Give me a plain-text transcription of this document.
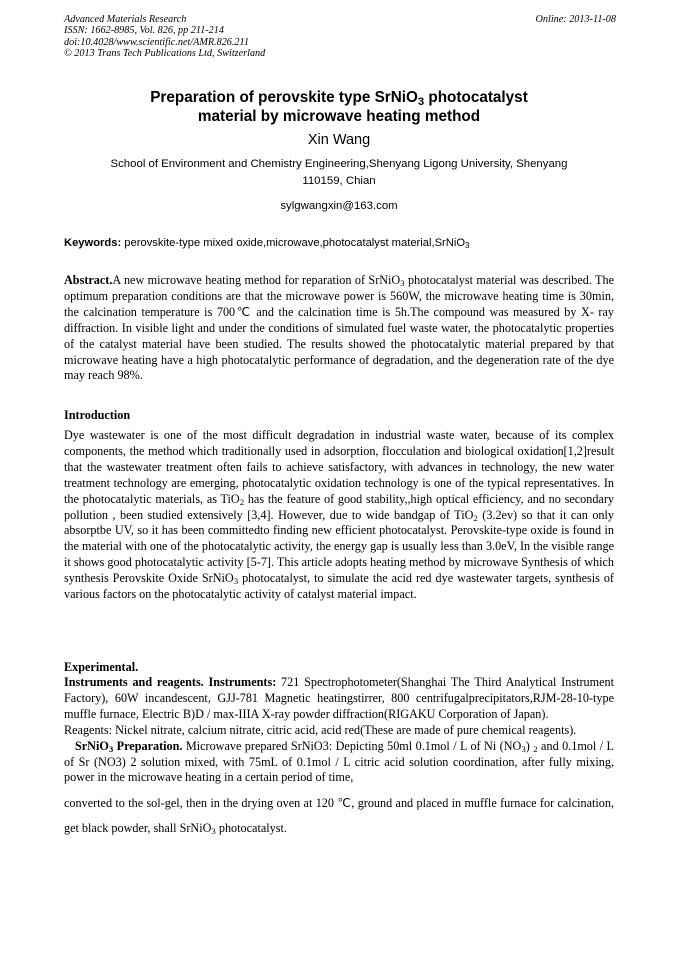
Advanced Materials Research
ISSN: 1662-8985, Vol. 826, pp 211-214
doi:10.4028/www.scientific.net/AMR.826.211
© 2013 Trans Tech Publications Ltd, Switzerland
Online: 2013-11-08
Preparation of perovskite type SrNiO$_3$ photocatalyst
material by microwave heating method
Xin Wang
School of Environment and Chemistry Engineering,Shenyang Ligong University, Shenyang
110159, Chian
sylgwangxin@163.com
Keywords: perovskite-type mixed oxide,microwave,photocatalyst material,SrNiO$_3$

Abstract.A new microwave heating method for reparation of SrNiO$_3$ photocatalyst material was described. The optimum preparation conditions are that the microwave power is 560W, the microwave heating time is 30min, the calcination temperature is 700℃ and the calcination time is 5h.The compound was measured by X- ray diffraction. In visible light and under the conditions of simulated fuel waste water, the photocatalytic properties of the catalyst material have been studied. The results showed the photocatalytic material prepared by that microwave heating have a high photocatalytic performance of degradation, and the degeneration rate of the dye may reach 98%.

Introduction

Dye wastewater is one of the most difficult degradation in industrial waste water, because of its complex components, the method which traditionally used in adsorption, flocculation and biological oxidation[1,2]result that the wastewater treatment often fails to achieve satisfactory, with advances in technology, the new water treatment technology are emerging, photocatalytic oxidation technology is one of the typical representatives. In the photocatalytic materials, as TiO$_2$ has the feature of good stability,,high optical efficiency, and no secondary pollution , been studied extensively [3,4]. However, due to wide bandgap of TiO$_2$ (3.2ev) so that it can only absorptbe UV, so it has been committedto finding new efficient photocatalyst. Perovskite-type oxide is found in the material with one of the photocatalytic activity, the energy gap is usually less than 3.0eV, In the visible range it shows good photocatalytic activity [5-7]. This article adopts heating method by microwave Synthesis of which synthesis Perovskite Oxide SrNiO$_3$ photocatalyst, to simulate the acid red dye wastewater targets, synthesis of various factors on the photocatalytic activity of catalyst material impact.

Experimental.

Instruments and reagents. Instruments: 721 Spectrophotometer(Shanghai The Third Analytical Instrument Factory), 60W incandescent, GJJ-781 Magnetic heatingstirrer, 800 centrifugalprecipitators,RJM-28-10-type muffle furnace, Electric B)D / max-IIIA X-ray powder diffraction(RIGAKU Corporation of Japan).

Reagents: Nickel nitrate, calcium nitrate, citric acid, acid red(These are made of pure chemical reagents).

SrNiO$_3$ Preparation. Microwave prepared SrNiO3: Depicting 50ml 0.1mol / L of Ni $(NO_3)$ $_2$ and 0.1mol / L of Sr (NO3) 2 solution mixed, with 75mL of 0.1mol / L citric acid solution coordination, after fully mixing, power in the microwave heating in a certain period of time,

converted to the sol-gel, then in the drying oven at 120 ℃, ground and placed in muffle furnace for calcination, get black powder, shall SrNiO$_3$ photocatalyst.
